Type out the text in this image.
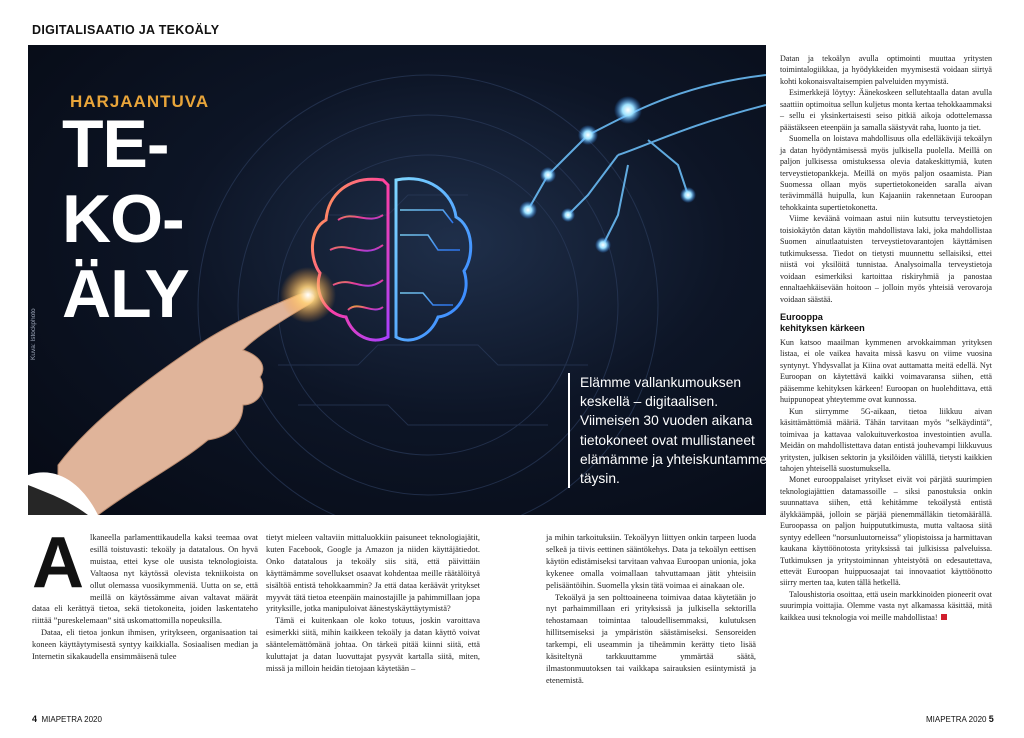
DIGITALISAATIO JA TEKOÄLY
HARJAANTUVA
TE-
KO-
ÄLY
Kuva: Istockphoto
Elämme vallankumouksen keskellä – digitaalisen. Viimeisen 30 vuoden aikana tietokoneet ovat mullistaneet elämämme ja yhteiskuntamme täysin.
A lkaneella parlamenttikaudella kaksi teemaa ovat esillä toistuvasti: tekoäly ja datatalous. On hyvä muistaa, ettei kyse ole uusista teknologioista. Valtaosa nyt käytössä olevista tekniikoista on ollut olemassa vuosikymmeniä. Uutta on se, että meillä on käytössämme aivan valtavat määrät dataa eli kerättyä tietoa, sekä tietokoneita, joiden laskentateho riittää ”pureskelemaan” sitä uskomattomilla nopeuksilla.

Dataa, eli tietoa jonkun ihmisen, yritykseen, organisaation tai koneen käyttäytymisestä syntyy kaikkialla. Sosiaalisen median ja Internetin sikakaudella ensimmäisenä tulee

tietyt mieleen valtaviin mittaluokkiin paisuneet teknologiajätit, kuten Facebook, Google ja Amazon ja niiden käyttäjätiedot. Onko datatalous ja tekoäly siis sitä, että päivittäin käyttämämme sovellukset osaavat kohdentaa meille räätälöityä sisältöä entistä tehokkaammin? Ja että dataa keräävät yritykset myyvät tätä tietoa eteenpäin mainostajille ja pahimmillaan jopa yrityksille, jotka manipuloivat äänestyskäyttäytymistä?

Tämä ei kuitenkaan ole koko totuus, joskin varoittava esimerkki siitä, mihin kaikkeen tekoäly ja datan käyttö voivat sääntelemättömänä johtaa. On tärkeä pitää kiinni siitä, että kuluttajat ja datan luovuttajat pysyvät kartalla siitä, miten, missä ja milloin heidän tietojaan käytetään –

ja mihin tarkoituksiin. Tekoälyyn liittyen onkin tarpeen luoda selkeä ja tiivis eettinen sääntökehys. Data ja tekoälyn eettisen käytön edistämiseksi tarvitaan vahvaa Euroopan unionia, joka kykenee omalla voimallaan tahvuttamaan jätit yhteisiin pelisääntöihin. Suomella yksin tätä voimaa ei ainakaan ole.

Tekoälyä ja sen polttoaineena toimivaa dataa käytetään jo nyt parhaimmillaan eri yrityksissä ja julkisella sektorilla tehostamaan toimintaa taloudellisemmaksi, kulutuksen hillitsemiseksi ja ympäristön säästämiseksi. Sensoreiden tarkempi, eli useammin ja tiheämmin kerätty tieto lisää käsiteltynä tarkkuuttamme ymmärtää säätä, ilmastonmuutoksen tai vaikkapa sairauksien esiintymistä ja etenemistä.

Datan ja tekoälyn avulla optimointi muuttaa yritysten toimintalogiikkaa, ja hyödykkeiden myymisestä voidaan siirtyä kohti kokonaisvaltaisempien palveluiden myymistä.

Esimerkkejä löytyy: Äänekoskeen sellutehtaalla datan avulla saattiin optimoitua sellun kuljetus monta kertaa tehokkaammaksi – sellu ei yksinkertaisesti seiso pitkiä aikoja odottelemassa päästäkseen eteenpäin ja samalla säästyvät raha, luonto ja tiet.

Suomella on loistava mahdollisuus olla edelläkävijä tekoälyn ja datan hyödyntämisessä myös julkisella puolella. Meillä on paljon julkisessa omistuksessa olevia datakeskittymiä, kuten terveystietopankkeja. Meillä on myös paljon osaamista. Pian Suomessa ollaan myös supertietokoneiden saralla aivan terävimmällä huipulla, kun Kajaaniin rakennetaan Euroopan tehokkainta supertietokonetta.

Viime keväänä voimaan astui niin kutsuttu terveystietojen toisiokäytön datan käytön mahdollistava laki, joka mahdollistaa Suomen ainutlaatuisten terveystietovarantojen käyttämisen tutkimuksessa. Tiedot on tietysti muunnettu sellaisiksi, ettei niistä voi yksilöitä tunnistaa. Analysoimalla terveystietoja voidaan esimerkiksi kartoittaa riskiryhmiä ja panostaa ennaltaehkäisevään hoitoon – jolloin myös yhteisiä verovaroja voidaan säästää.

Eurooppa
kehityksen kärkeen

Kun katsoo maailman kymmenen arvokkaimman yrityksen listaa, ei ole vaikea havaita missä kasvu on viime vuosina syntynyt. Yhdysvallat ja Kiina ovat auttamatta meitä edellä. Nyt Euroopan on käytettävä kaikki voimavaransa siihen, että pääsemme kehityksen kärkeen! Euroopan on huolehdittava, että huippunopeat yhteytemme ovat kunnossa.

Kun siirrymme 5G-aikaan, tietoa liikkuu aivan käsittämättömiä määriä. Tähän tarvitaan myös ”selkäydintä”, toimivaa ja kattavaa valokuituverkostoa investointien avulla. Meidän on mahdollistettava datan entistä jouhevampi liikkuvuus yritysten, julkisen sektorin ja yksilöiden välillä, tietysti kaikkien tahojen yhteisellä suostumuksella.

Monet eurooppalaiset yritykset eivät voi pärjätä suurimpien teknologiajättien datamassoille – siksi panostuksia onkin suunnattava siihen, että kehitämme tekoälystä entistä älykkäämpää, jolloin se pärjää pienemmälläkin tietomäärällä. Euroopassa on paljon huippututkimusta, mutta valtaosa siitä syntyy edelleen ”norsunluutorneissa” yliopistoissa ja harmittavan kaukana käyttöönotosta yrityksissä tai julkisissa palveluissa. Tutkimuksen ja yritystoiminnan yhteistyötä on edesautettava, ettevät Euroopan huippuosaajat tai innovaatiot käyttöönotto siirry merten taa, kuten tällä hetkellä.

Taloushistoria osoittaa, että usein markkinoiden pioneerit ovat suurimpia voittajia. Olemme vasta nyt alkamassa käsittää, mitä kaikkea uusi teknologia voi meille mahdollistaa!

4 MIAPETRA 2020	MIAPETRA 2020 5
